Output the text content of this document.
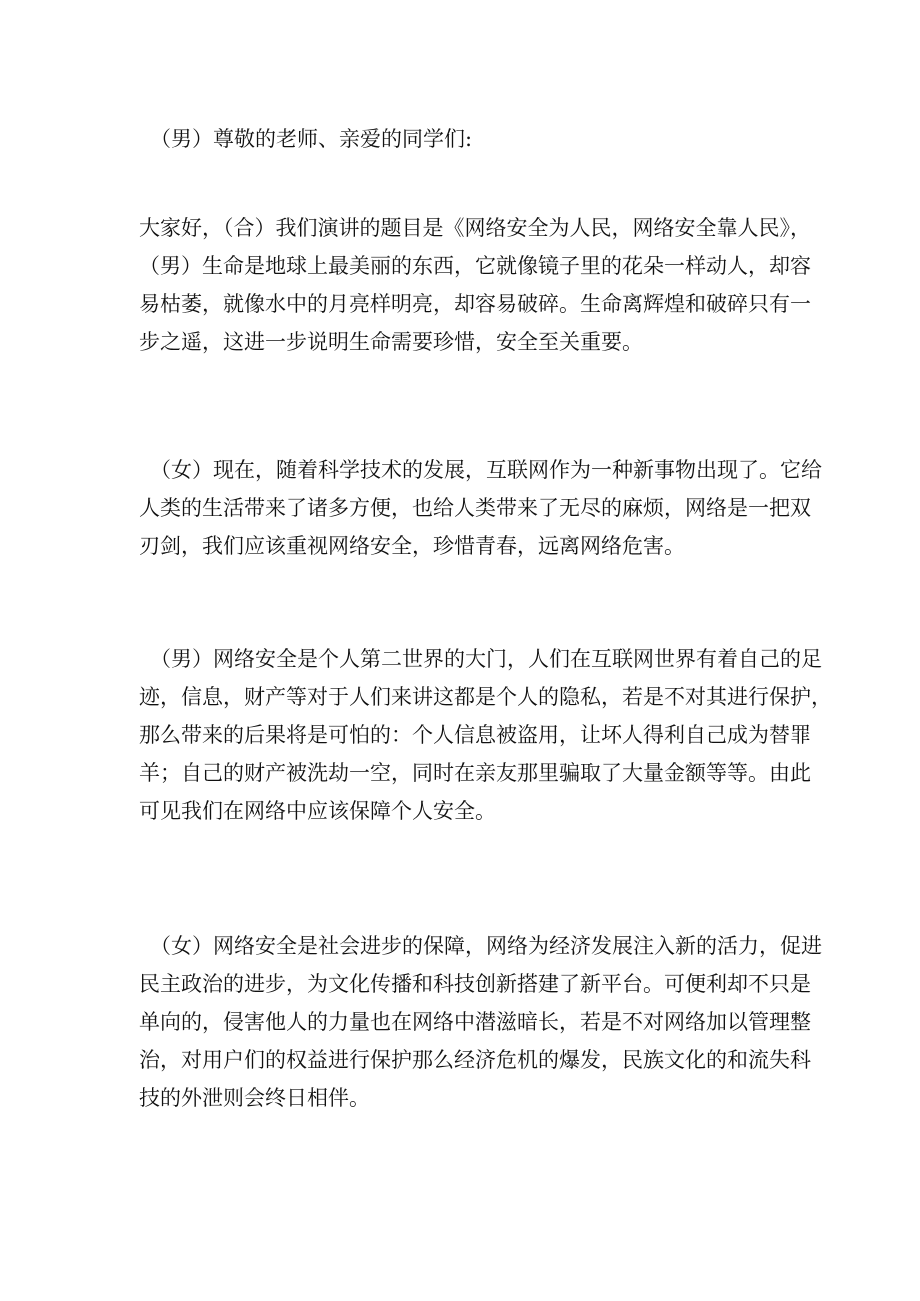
（男）尊敬的老师、亲爱的同学们:
大家好，（合）我们演讲的题目是《网络安全为人民，网络安全靠人民》，
（男）生命是地球上最美丽的东西，它就像镜子里的花朵一样动人，却容
易枯萎，就像水中的月亮样明亮，却容易破碎。生命离辉煌和破碎只有一
步之遥，这进一步说明生命需要珍惜，安全至关重要。
（女）现在，随着科学技术的发展，互联网作为一种新事物出现了。它给
人类的生活带来了诸多方便，也给人类带来了无尽的麻烦，网络是一把双
刃剑，我们应该重视网络安全，珍惜青春，远离网络危害。
（男）网络安全是个人第二世界的大门，人们在互联网世界有着自己的足
迹，信息，财产等对于人们来讲这都是个人的隐私，若是不对其进行保护，
那么带来的后果将是可怕的：个人信息被盗用，让坏人得利自己成为替罪
羊；自己的财产被洗劫一空，同时在亲友那里骗取了大量金额等等。由此
可见我们在网络中应该保障个人安全。
（女）网络安全是社会进步的保障，网络为经济发展注入新的活力，促进
民主政治的进步，为文化传播和科技创新搭建了新平台。可便利却不只是
单向的，侵害他人的力量也在网络中潜滋暗长，若是不对网络加以管理整
治，对用户们的权益进行保护那么经济危机的爆发，民族文化的和流失科
技的外泄则会终日相伴。
